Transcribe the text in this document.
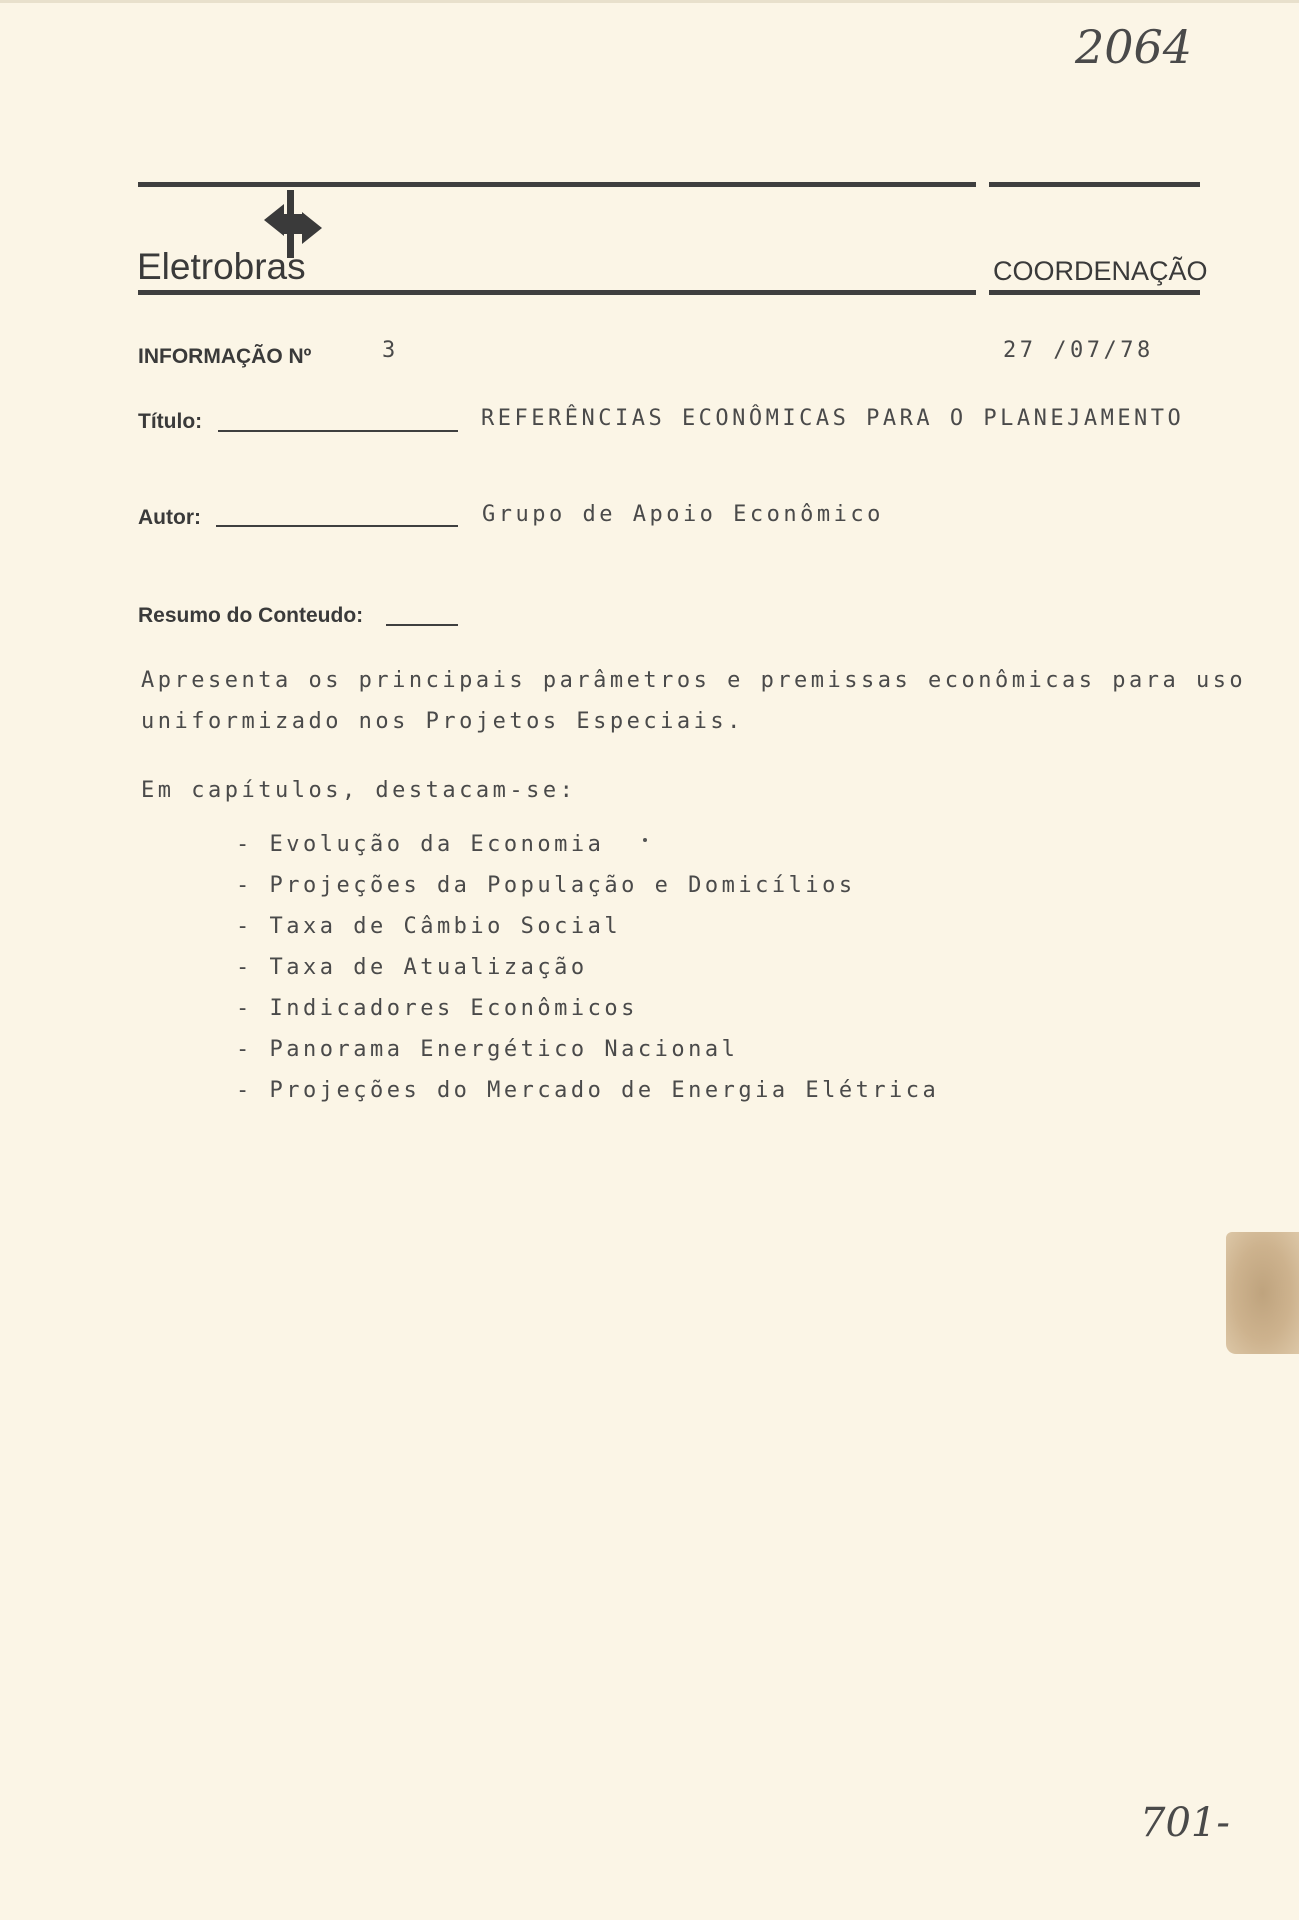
2064
Eletrobras	COORDENAÇÃO
INFORMAÇÃO Nº	3	27 /07/78
Título:	REFERÊNCIAS ECONÔMICAS PARA O PLANEJAMENTO
Autor:	Grupo de Apoio Econômico
Resumo do Conteudo:
Apresenta os principais parâmetros e premissas econômicas para uso
uniformizado nos Projetos Especiais.
Em capítulos, destacam-se:
- Evolução da Economia
- Projeções da População e Domicílios
- Taxa de Câmbio Social
- Taxa de Atualização
- Indicadores Econômicos
- Panorama Energético Nacional
- Projeções do Mercado de Energia Elétrica
701-
